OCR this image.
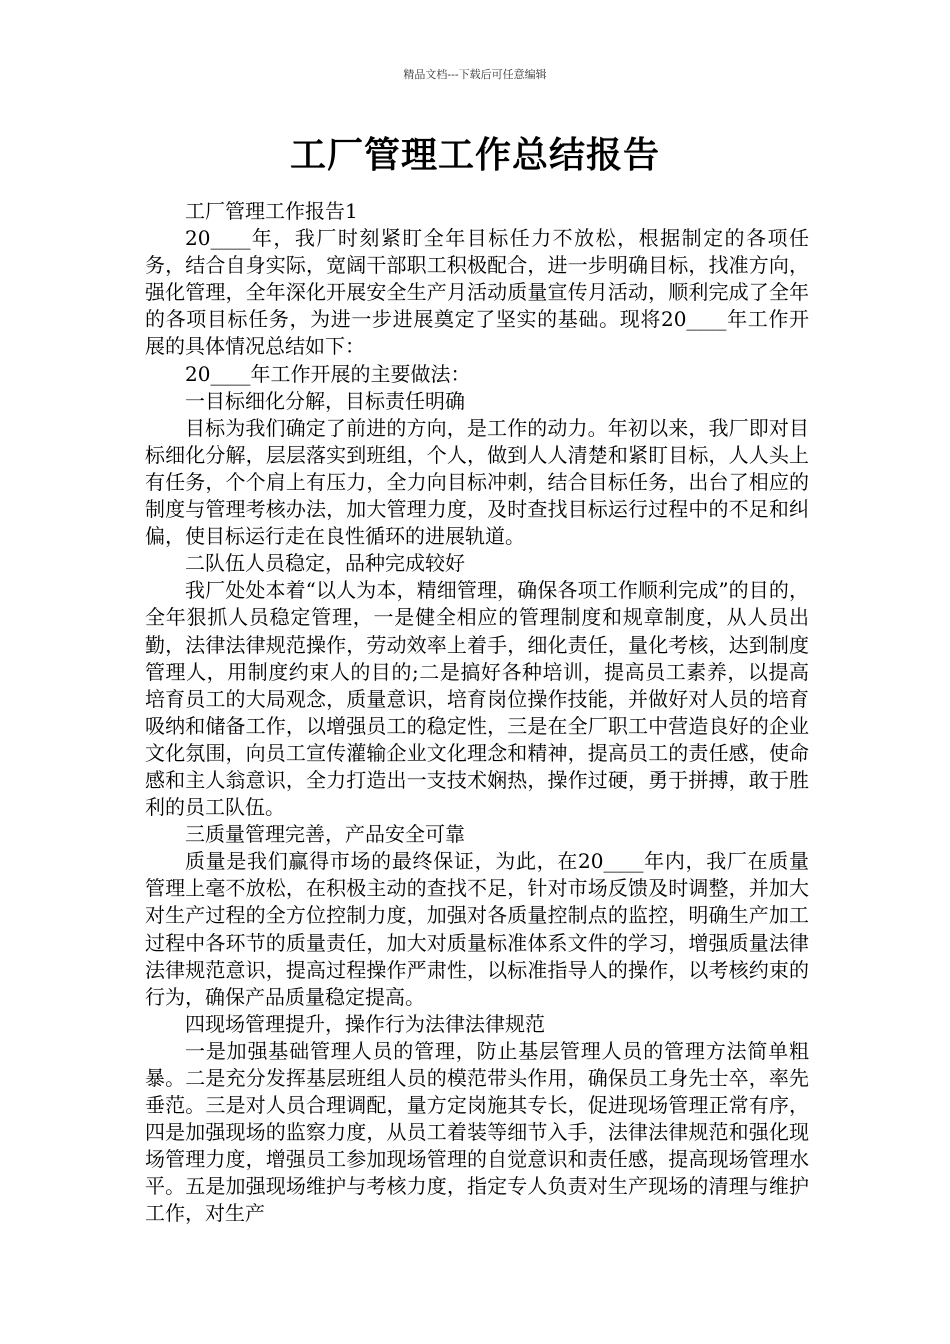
精品文档---下载后可任意编辑
工厂管理工作总结报告

工厂管理工作报告1

20____年，我厂时刻紧盯全年目标任力不放松，根据制定的各项任务，结合自身实际，宽阔干部职工积极配合，进一步明确目标，找准方向，强化管理，全年深化开展安全生产月活动质量宣传月活动，顺利完成了全年的各项目标任务，为进一步进展奠定了坚实的基础。现将20____年工作开展的具体情况总结如下：

20____年工作开展的主要做法：

一目标细化分解，目标责任明确

目标为我们确定了前进的方向，是工作的动力。年初以来，我厂即对目标细化分解，层层落实到班组，个人，做到人人清楚和紧盯目标，人人头上有任务，个个肩上有压力，全力向目标冲刺，结合目标任务，出台了相应的制度与管理考核办法，加大管理力度，及时查找目标运行过程中的不足和纠偏，使目标运行走在良性循环的进展轨道。

二队伍人员稳定，品种完成较好

我厂处处本着“以人为本，精细管理，确保各项工作顺利完成”的目的，全年狠抓人员稳定管理，一是健全相应的管理制度和规章制度，从人员出勤，法律法律规范操作，劳动效率上着手，细化责任，量化考核，达到制度管理人，用制度约束人的目的;二是搞好各种培训，提高员工素养，以提高培育员工的大局观念，质量意识，培育岗位操作技能，并做好对人员的培育吸纳和储备工作，以增强员工的稳定性，三是在全厂职工中营造良好的企业文化氛围，向员工宣传灌输企业文化理念和精神，提高员工的责任感，使命感和主人翁意识，全力打造出一支技术娴热，操作过硬，勇于拼搏，敢于胜利的员工队伍。

三质量管理完善，产品安全可靠

质量是我们赢得市场的最终保证，为此，在20____年内，我厂在质量管理上毫不放松，在积极主动的查找不足，针对市场反馈及时调整，并加大对生产过程的全方位控制力度，加强对各质量控制点的监控，明确生产加工过程中各环节的质量责任，加大对质量标准体系文件的学习，增强质量法律法律规范意识，提高过程操作严肃性，以标准指导人的操作，以考核约束的行为，确保产品质量稳定提高。

四现场管理提升，操作行为法律法律规范

一是加强基础管理人员的管理，防止基层管理人员的管理方法简单粗暴。二是充分发挥基层班组人员的模范带头作用，确保员工身先士卒，率先垂范。三是对人员合理调配，量方定岗施其专长，促进现场管理正常有序，四是加强现场的监察力度，从员工着装等细节入手，法律法律规范和强化现场管理力度，增强员工参加现场管理的自觉意识和责任感，提高现场管理水平。五是加强现场维护与考核力度，指定专人负责对生产现场的清理与维护工作，对生产
